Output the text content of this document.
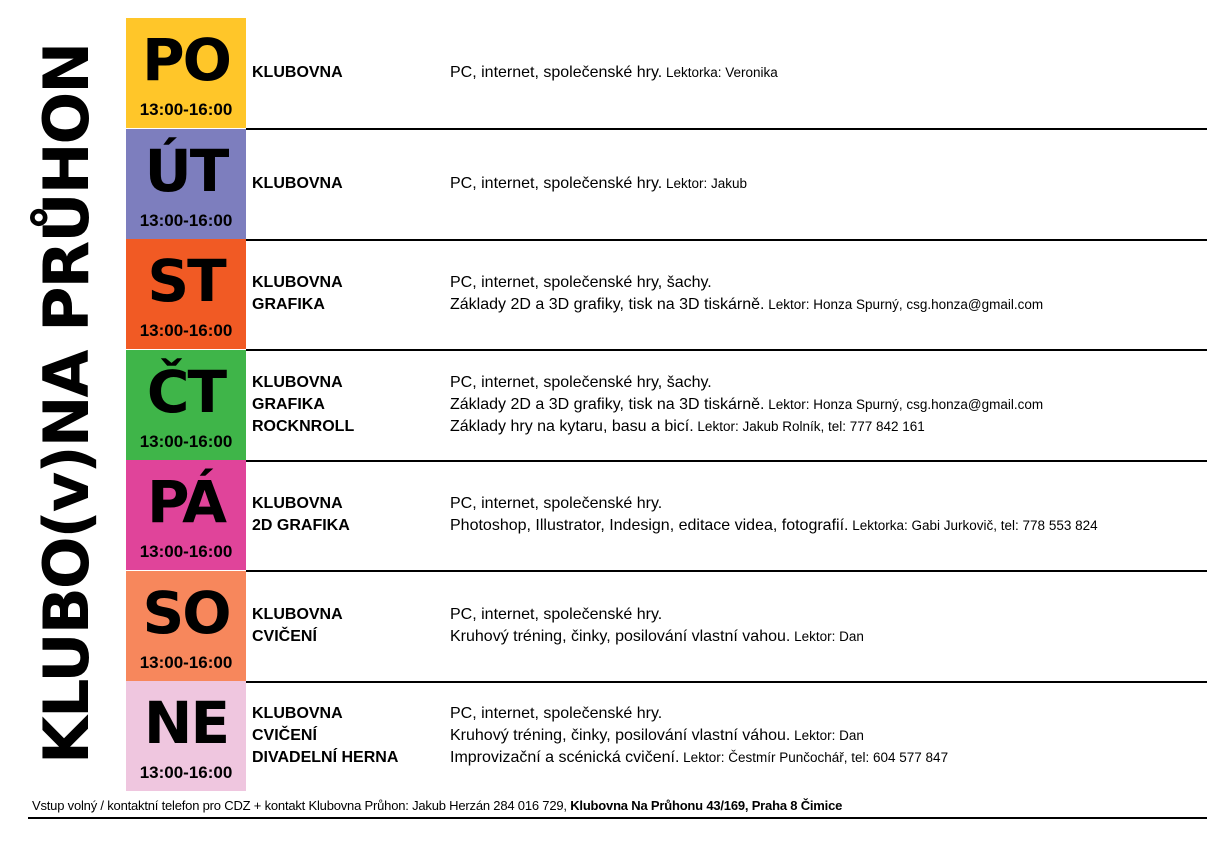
KLUBO(v)NA PRŮHON PO
13:00-16:00
KLUBOVNA	PC, internet, společenské hry. Lektorka: Veronika
ÚT
13:00-16:00
KLUBOVNA	PC, internet, společenské hry. Lektor: Jakub
ST
13:00-16:00
KLUBOVNA	PC, internet, společenské hry, šachy.
GRAFIKA	Základy 2D a 3D grafiky, tisk na 3D tiskárně. Lektor: Honza Spurný, csg.honza@gmail.com
ČT
13:00-16:00
KLUBOVNA	PC, internet, společenské hry, šachy.
GRAFIKA	Základy 2D a 3D grafiky, tisk na 3D tiskárně. Lektor: Honza Spurný, csg.honza@gmail.com
ROCKNROLL	Základy hry na kytaru, basu a bicí. Lektor: Jakub Rolník, tel: 777 842 161
PÁ
13:00-16:00
KLUBOVNA	PC, internet, společenské hry.
2D GRAFIKA	Photoshop, Illustrator, Indesign, editace videa, fotografií. Lektorka: Gabi Jurkovič, tel: 778 553 824
SO
13:00-16:00
KLUBOVNA	PC, internet, společenské hry.
CVIČENÍ	Kruhový tréning, činky, posilování vlastní vahou. Lektor: Dan
NE
13:00-16:00
KLUBOVNA	PC, internet, společenské hry.
CVIČENÍ	Kruhový tréning, činky, posilování vlastní váhou. Lektor: Dan
DIVADELNÍ HERNA	Improvizační a scénická cvičení. Lektor: Čestmír Punčochář, tel: 604 577 847
Vstup volný / kontaktní telefon pro CDZ + kontakt Klubovna Průhon: Jakub Herzán 284 016 729, Klubovna Na Průhonu 43/169, Praha 8 Čimice
